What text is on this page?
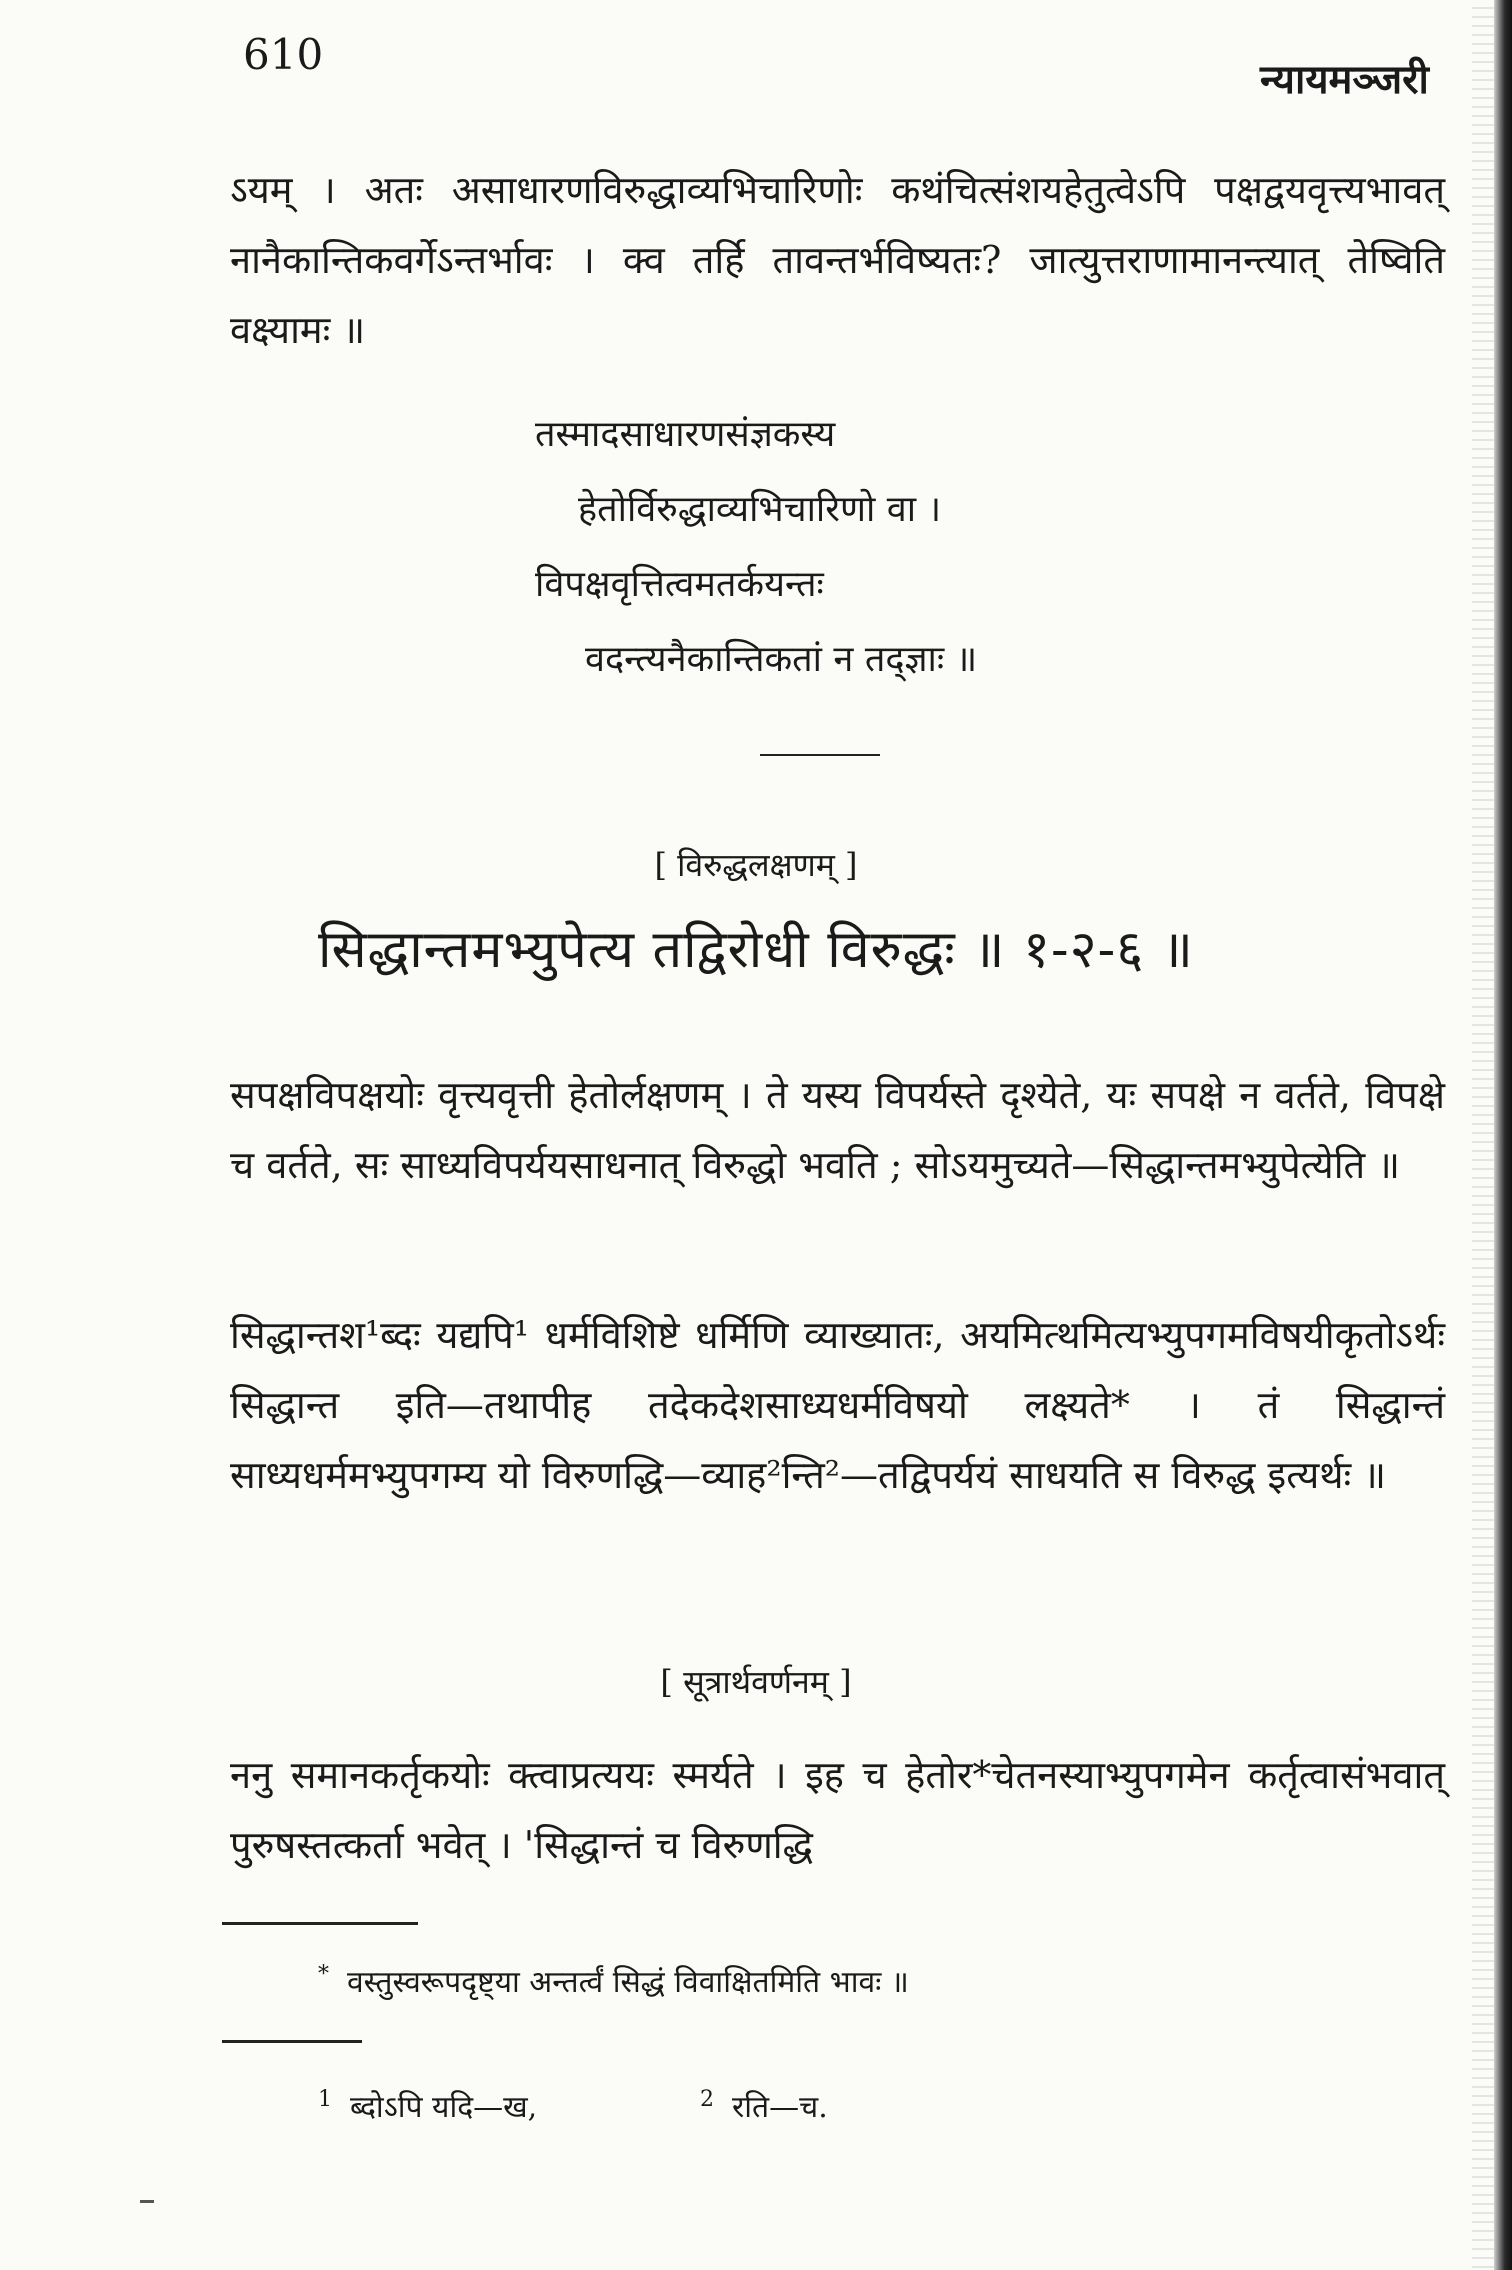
610
न्यायमञ्जरी
ऽयम् । अतः असाधारणविरुद्धाव्यभिचारिणोः कथंचित्संशयहेतुत्वेऽपि पक्षद्वयवृत्त्यभावत् नानैकान्तिकवर्गेऽन्तर्भावः । क्व तर्हि तावन्तर्भविष्यतः? जात्युत्तराणामानन्त्यात् तेष्विति वक्ष्यामः ॥
तस्मादसाधारणसंज्ञकस्य
हेतोर्विरुद्धाव्यभिचारिणो वा ।
विपक्षवृत्तित्वमतर्कयन्तः
वदन्त्यनैकान्तिकतां न तद्ज्ञाः ॥
[ विरुद्धलक्षणम् ]
सिद्धान्तमभ्युपेत्य तद्विरोधी विरुद्धः ॥ १-२-६ ॥
सपक्षविपक्षयोः वृत्त्यवृत्ती हेतोर्लक्षणम् । ते यस्य विपर्यस्ते दृश्येते, यः सपक्षे न वर्तते, विपक्षे च वर्तते, सः साध्यविपर्ययसाधनात् विरुद्धो भवति ; सोऽयमुच्यते—सिद्धान्तमभ्युपेत्येति ॥
सिद्धान्तश¹ब्दः यद्यपि¹ धर्मविशिष्टे धर्मिणि व्याख्यातः, अयमित्थमित्यभ्युपगमविषयीकृतोऽर्थः सिद्धान्त इति—तथापीह तदेकदेशसाध्यधर्मविषयो लक्ष्यते* । तं सिद्धान्तं साध्यधर्ममभ्युपगम्य यो विरुणद्धि—व्याह²न्ति²—तद्विपर्ययं साधयति स विरुद्ध इत्यर्थः ॥
[ सूत्रार्थवर्णनम् ]
ननु समानकर्तृकयोः क्त्वाप्रत्ययः स्मर्यते । इह च हेतोर*चेतनस्याभ्युपगमेन कर्तृत्वासंभवात् पुरुषस्तत्कर्ता भवेत् । 'सिद्धान्तं च विरुणद्धि
* वस्तुस्वरूपदृष्ट्या अन्तर्त्वं सिद्धं विवाक्षितमिति भावः ॥
$^1$ ब्दोऽपि यदि—ख,	$^2$ रति—च.
